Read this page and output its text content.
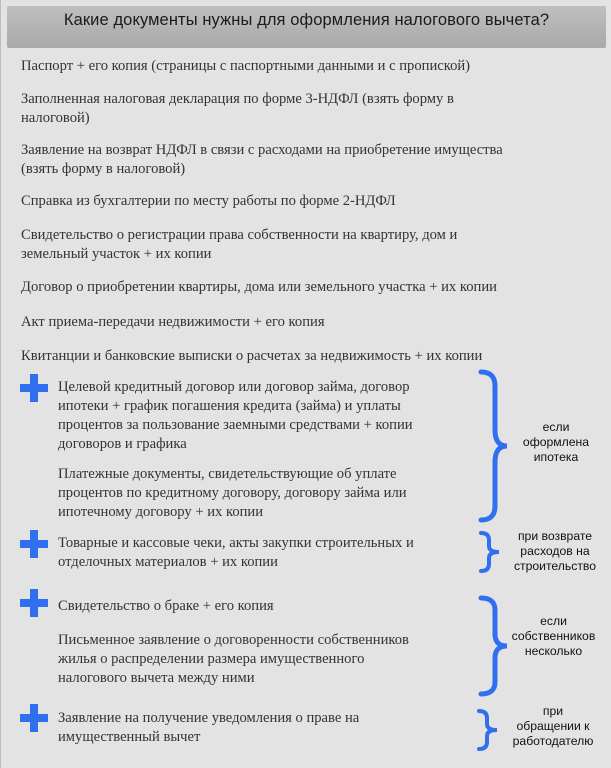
Какие документы нужны для оформления налогового вычета?
Паспорт + его копия (страницы с паспортными данными и с пропиской)
Заполненная налоговая декларация по форме 3-НДФЛ (взять форму в
налоговой)
Заявление на возврат НДФЛ в связи с расходами на приобретение имущества
(взять форму в налоговой)
Справка из бухгалтерии по месту работы по форме 2-НДФЛ
Свидетельство о регистрации права собственности на квартиру, дом и
земельный участок + их копии
Договор о приобретении квартиры, дома или земельного участка + их копии
Акт приема-передачи недвижимости + его копия
Квитанции и банковские выписки о расчетах за недвижимость + их копии
Целевой кредитный договор или договор займа, договор
ипотеки + график погашения кредита (займа) и уплаты
процентов за пользование заемными средствами + копии
договоров и графика
Платежные документы, свидетельствующие об уплате
процентов по кредитному договору, договору займа или
ипотечному договору + их копии
если
оформлена
ипотека
Товарные и кассовые чеки, акты закупки строительных и
отделочных материалов + их копии
при возврате
расходов на
строительство
Свидетельство о браке + его копия
Письменное заявление о договоренности собственников
жилья о распределении размера имущественного
налогового вычета между ними
если
собственников
несколько
Заявление на получение уведомления о праве на
имущественный вычет
при
обращении к
работодателю
